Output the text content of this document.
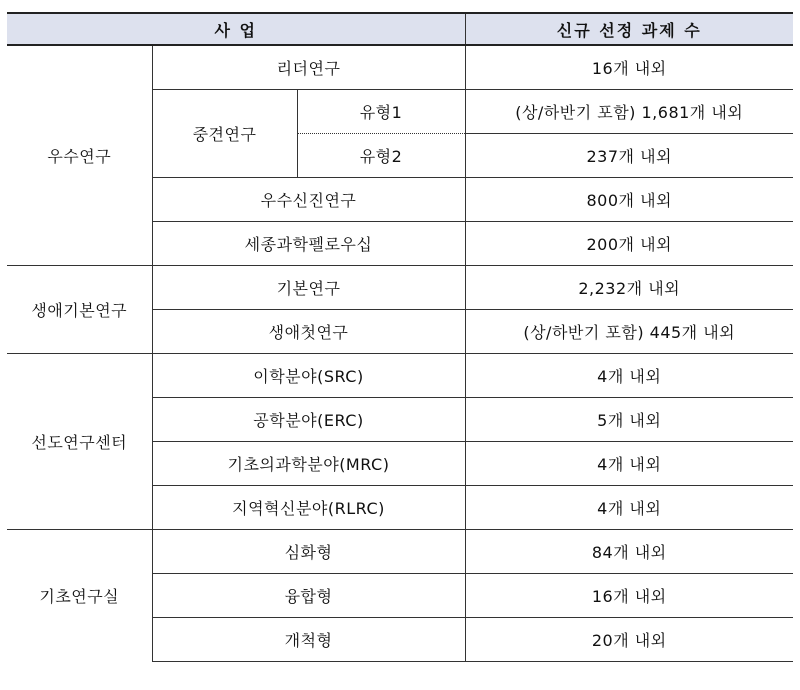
사 업			신규 선정 과제 수
우수연구	리더연구		16개 내외
	중견연구	유형1	(상/하반기 포함) 1,681개 내외
		유형2	237개 내외
	우수신진연구		800개 내외
	세종과학펠로우십		200개 내외
생애기본연구	기본연구		2,232개 내외
	생애첫연구		(상/하반기 포함) 445개 내외
선도연구센터	이학분야(SRC)		4개 내외
	공학분야(ERC)		5개 내외
	기초의과학분야(MRC)		4개 내외
	지역혁신분야(RLRC)		4개 내외
기초연구실	심화형		84개 내외
	융합형		16개 내외
	개척형		20개 내외
